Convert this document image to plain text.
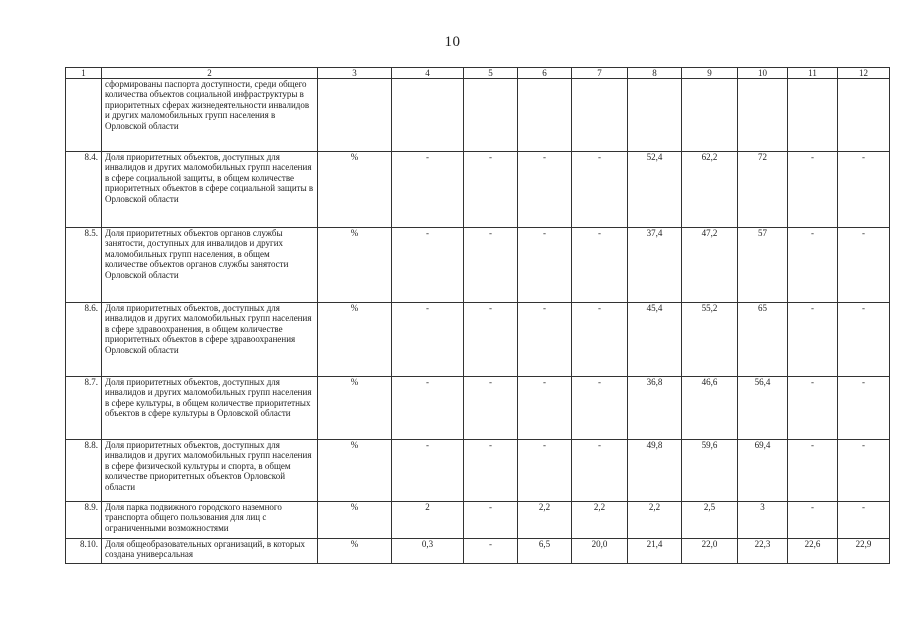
10
1	2	3	4	5	6	7	8	9	10	11	12
	сформированы паспорта доступности, среди общего количества объектов социальной инфраструктуры в приоритетных сферах жизнедеятельности инвалидов и других маломобильных групп населения в Орловской области										
8.4.	Доля приоритетных объектов, доступных для инвалидов и других маломобильных групп населения в сфере социальной защиты, в общем количестве приоритетных объектов в сфере социальной защиты в Орловской области	%	-	-	-	-	52,4	62,2	72	-	-
8.5.	Доля приоритетных объектов органов службы занятости, доступных для инвалидов и других маломобильных групп населения, в общем количестве объектов органов службы занятости Орловской области	%	-	-	-	-	37,4	47,2	57	-	-
8.6.	Доля приоритетных объектов, доступных для инвалидов и других маломобильных групп населения в сфере здравоохранения, в общем количестве приоритетных объектов в сфере здравоохранения Орловской области	%	-	-	-	-	45,4	55,2	65	-	-
8.7.	Доля приоритетных объектов, доступных для инвалидов и других маломобильных групп населения в сфере культуры, в общем количестве приоритетных объектов в сфере культуры в Орловской области	%	-	-	-	-	36,8	46,6	56,4	-	-
8.8.	Доля приоритетных объектов, доступных для инвалидов и других маломобильных групп населения в сфере физической культуры и спорта, в общем количестве приоритетных объектов Орловской области	%	-	-	-	-	49,8	59,6	69,4	-	-
8.9.	Доля парка подвижного городского наземного транспорта общего пользования для лиц с ограниченными возможностями	%	2	-	2,2	2,2	2,2	2,5	3	-	-
8.10.	Доля общеобразовательных организаций, в которых создана универсальная	%	0,3	-	6,5	20,0	21,4	22,0	22,3	22,6	22,9
